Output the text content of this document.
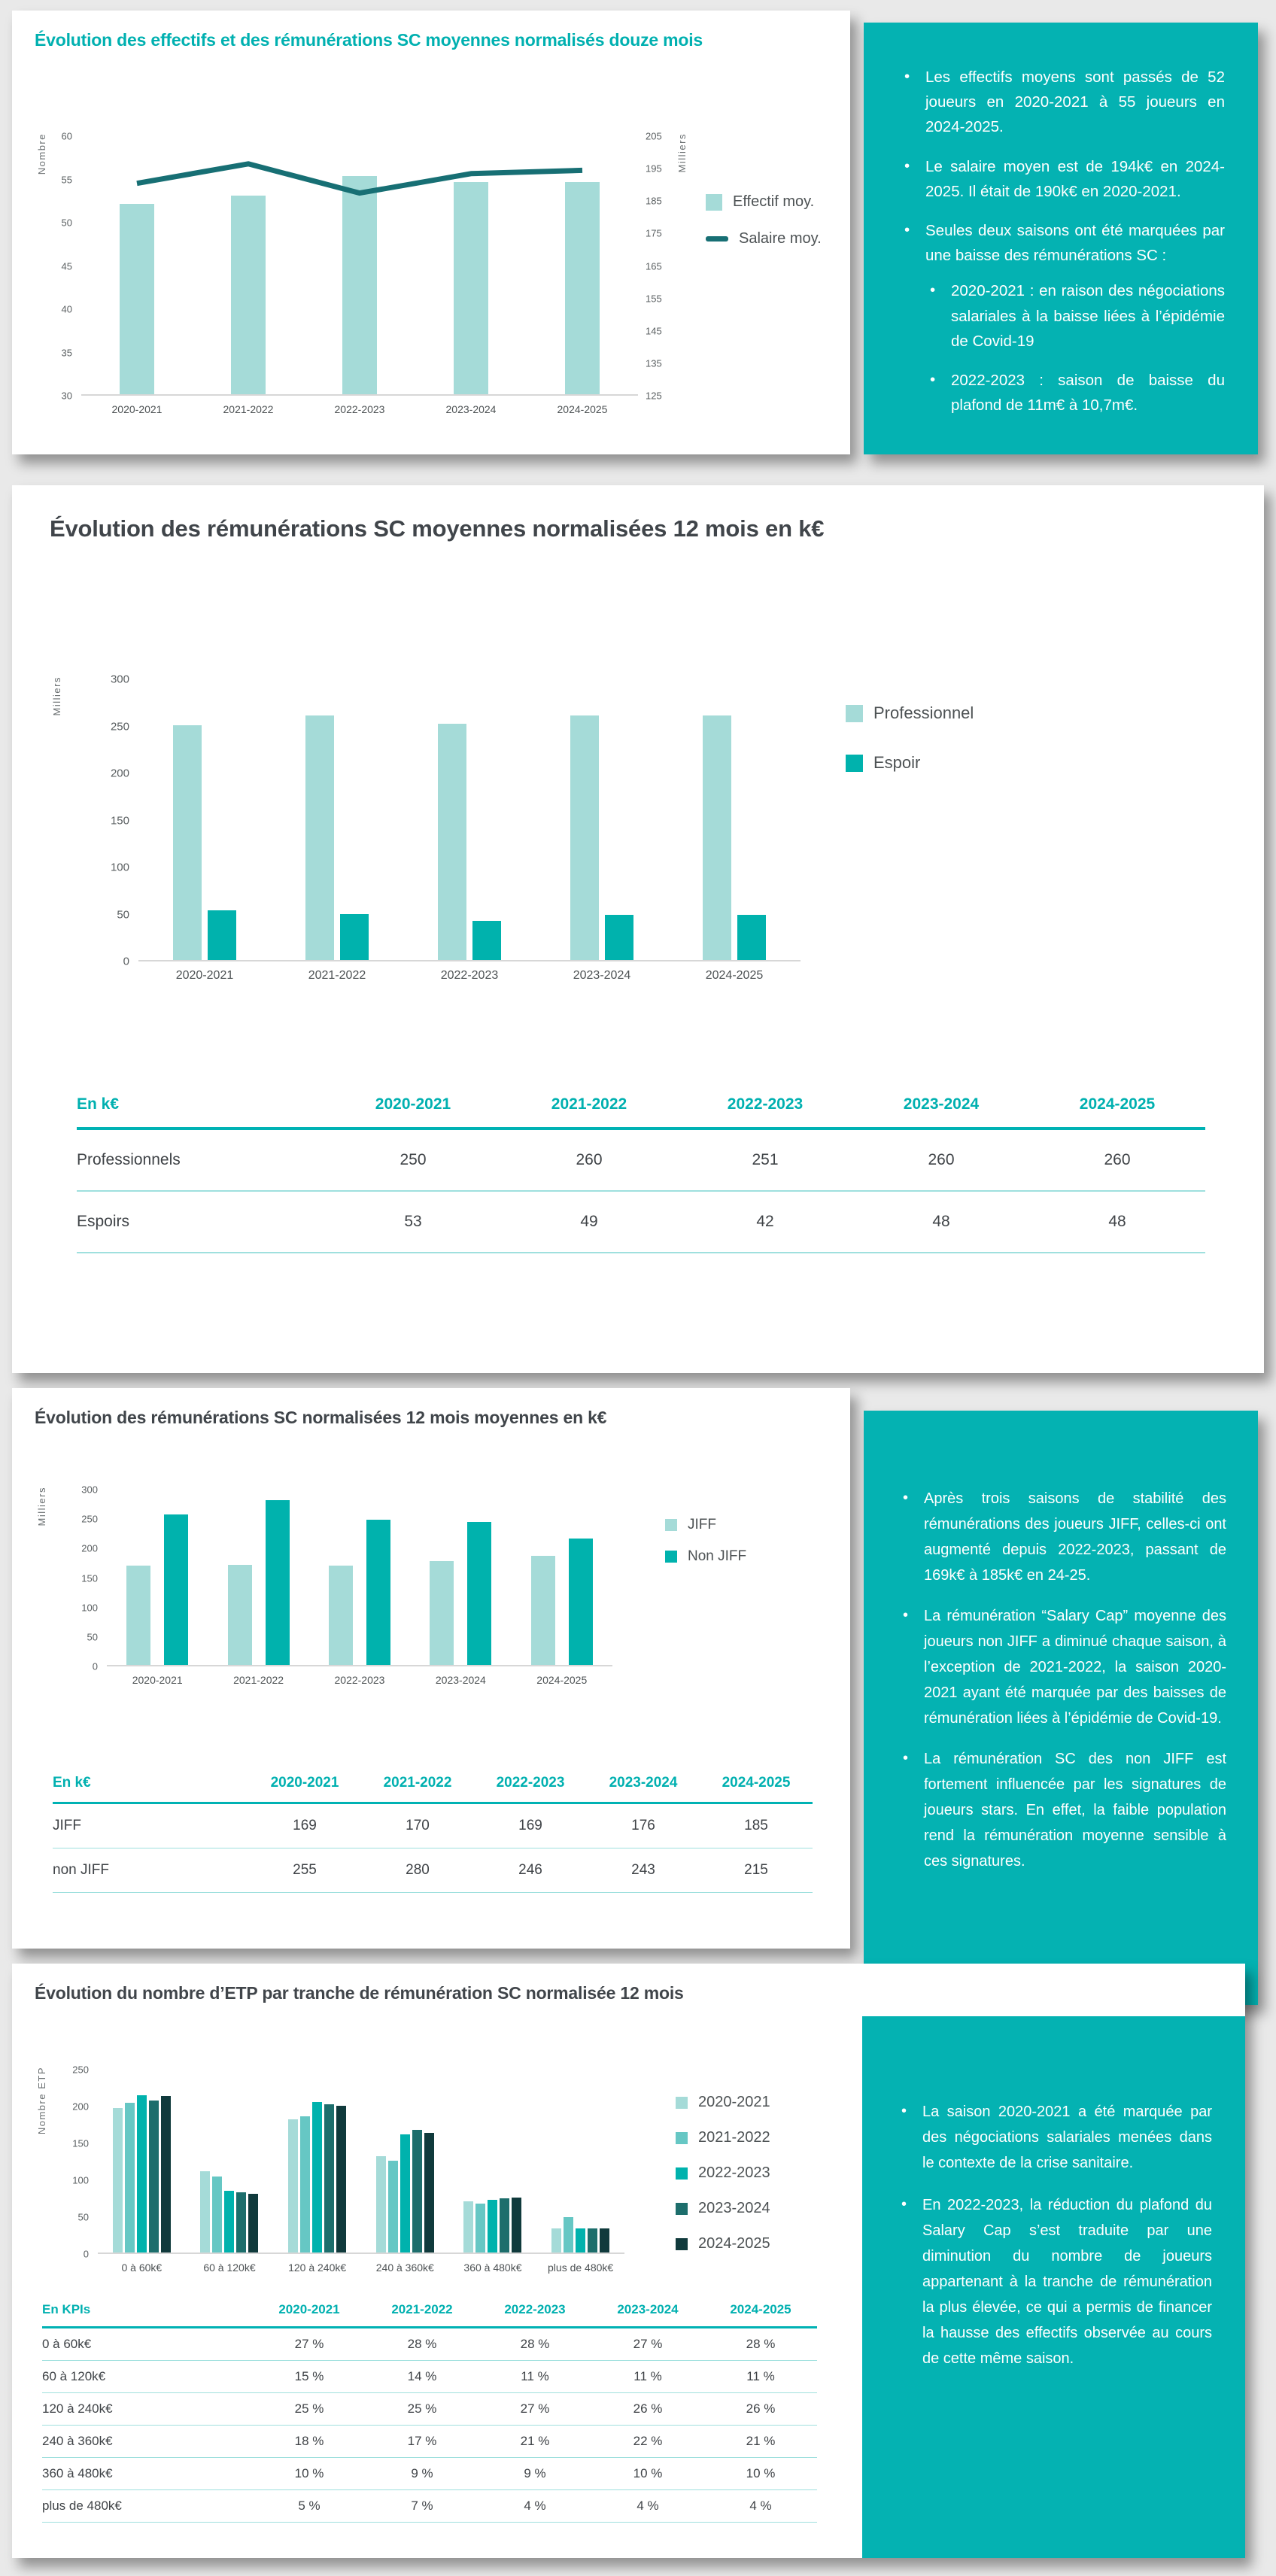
Évolution des effectifs et des rémunérations SC moyennes normalisés douze mois
Nombre
30
35
40
45
50
55
60	Milliers
125
135
145
155
165
175
185
195
205
Effectif moy.
Salaire moy.
2020-2021	2021-2022	2022-2023	2023-2024	2024-2025
• Les effectifs moyens sont passés de 52 joueurs en 2020-2021 à 55 joueurs en 2024-2025.
• Le salaire moyen est de 194k€ en 2024-2025. Il était de 190k€ en 2020-2021.
• Seules deux saisons ont été marquées par une baisse des rémunérations SC :
• 2020-2021 : en raison des négociations salariales à la baisse liées à l’épidémie de Covid-19
• 2022-2023 : saison de baisse du plafond de 11m€ à 10,7m€.
Évolution des rémunérations SC moyennes normalisées 12 mois en k€
Milliers
0
50
100
150
200
250
300
Professionnel
Espoir
2020-2021	2021-2022	2022-2023	2023-2024	2024-2025
En k€	2020-2021	2021-2022	2022-2023	2023-2024	2024-2025
Professionnels	250	260	251	260	260
Espoirs	53	49	42	48	48
Évolution des rémunérations SC normalisées 12 mois moyennes en k€
Milliers
0
50
100
150
200
250
300
JIFF
Non JIFF
2020-2021	2021-2022	2022-2023	2023-2024	2024-2025
En k€	2020-2021	2021-2022	2022-2023	2023-2024	2024-2025
JIFF	169	170	169	176	185
non JIFF	255	280	246	243	215
• Après trois saisons de stabilité des rémunérations des joueurs JIFF, celles-ci ont augmenté depuis 2022-2023, passant de 169k€ à 185k€ en 24-25.
• La rémunération “Salary Cap” moyenne des joueurs non JIFF a diminué chaque saison, à l’exception de 2021-2022, la saison 2020-2021 ayant été marquée par des baisses de rémunération liées à l’épidémie de Covid-19.
• La rémunération SC des non JIFF est fortement influencée par les signatures de joueurs stars. En effet, la faible population rend la rémunération moyenne sensible à ces signatures.
Évolution du nombre d’ETP par tranche de rémunération SC normalisée 12 mois
Nombre ETP
0
50
100
150
200
250
2020-2021
2021-2022
2022-2023
2023-2024
2024-2025
0 à 60k€	60 à 120k€	120 à 240k€	240 à 360k€	360 à 480k€	plus de 480k€
En KPIs	2020-2021	2021-2022	2022-2023	2023-2024	2024-2025
0 à 60k€	27 %	28 %	28 %	27 %	28 %
60 à 120k€	15 %	14 %	11 %	11 %	11 %
120 à 240k€	25 %	25 %	27 %	26 %	26 %
240 à 360k€	18 %	17 %	21 %	22 %	21 %
360 à 480k€	10 %	9 %	9 %	10 %	10 %
plus de 480k€	5 %	7 %	4 %	4 %	4 %
• La saison 2020-2021 a été marquée par des négociations salariales menées dans le contexte de la crise sanitaire.
• En 2022-2023, la réduction du plafond du Salary Cap s’est traduite par une diminution du nombre de joueurs appartenant à la tranche de rémunération la plus élevée, ce qui a permis de financer la hausse des effectifs observée au cours de cette même saison.
